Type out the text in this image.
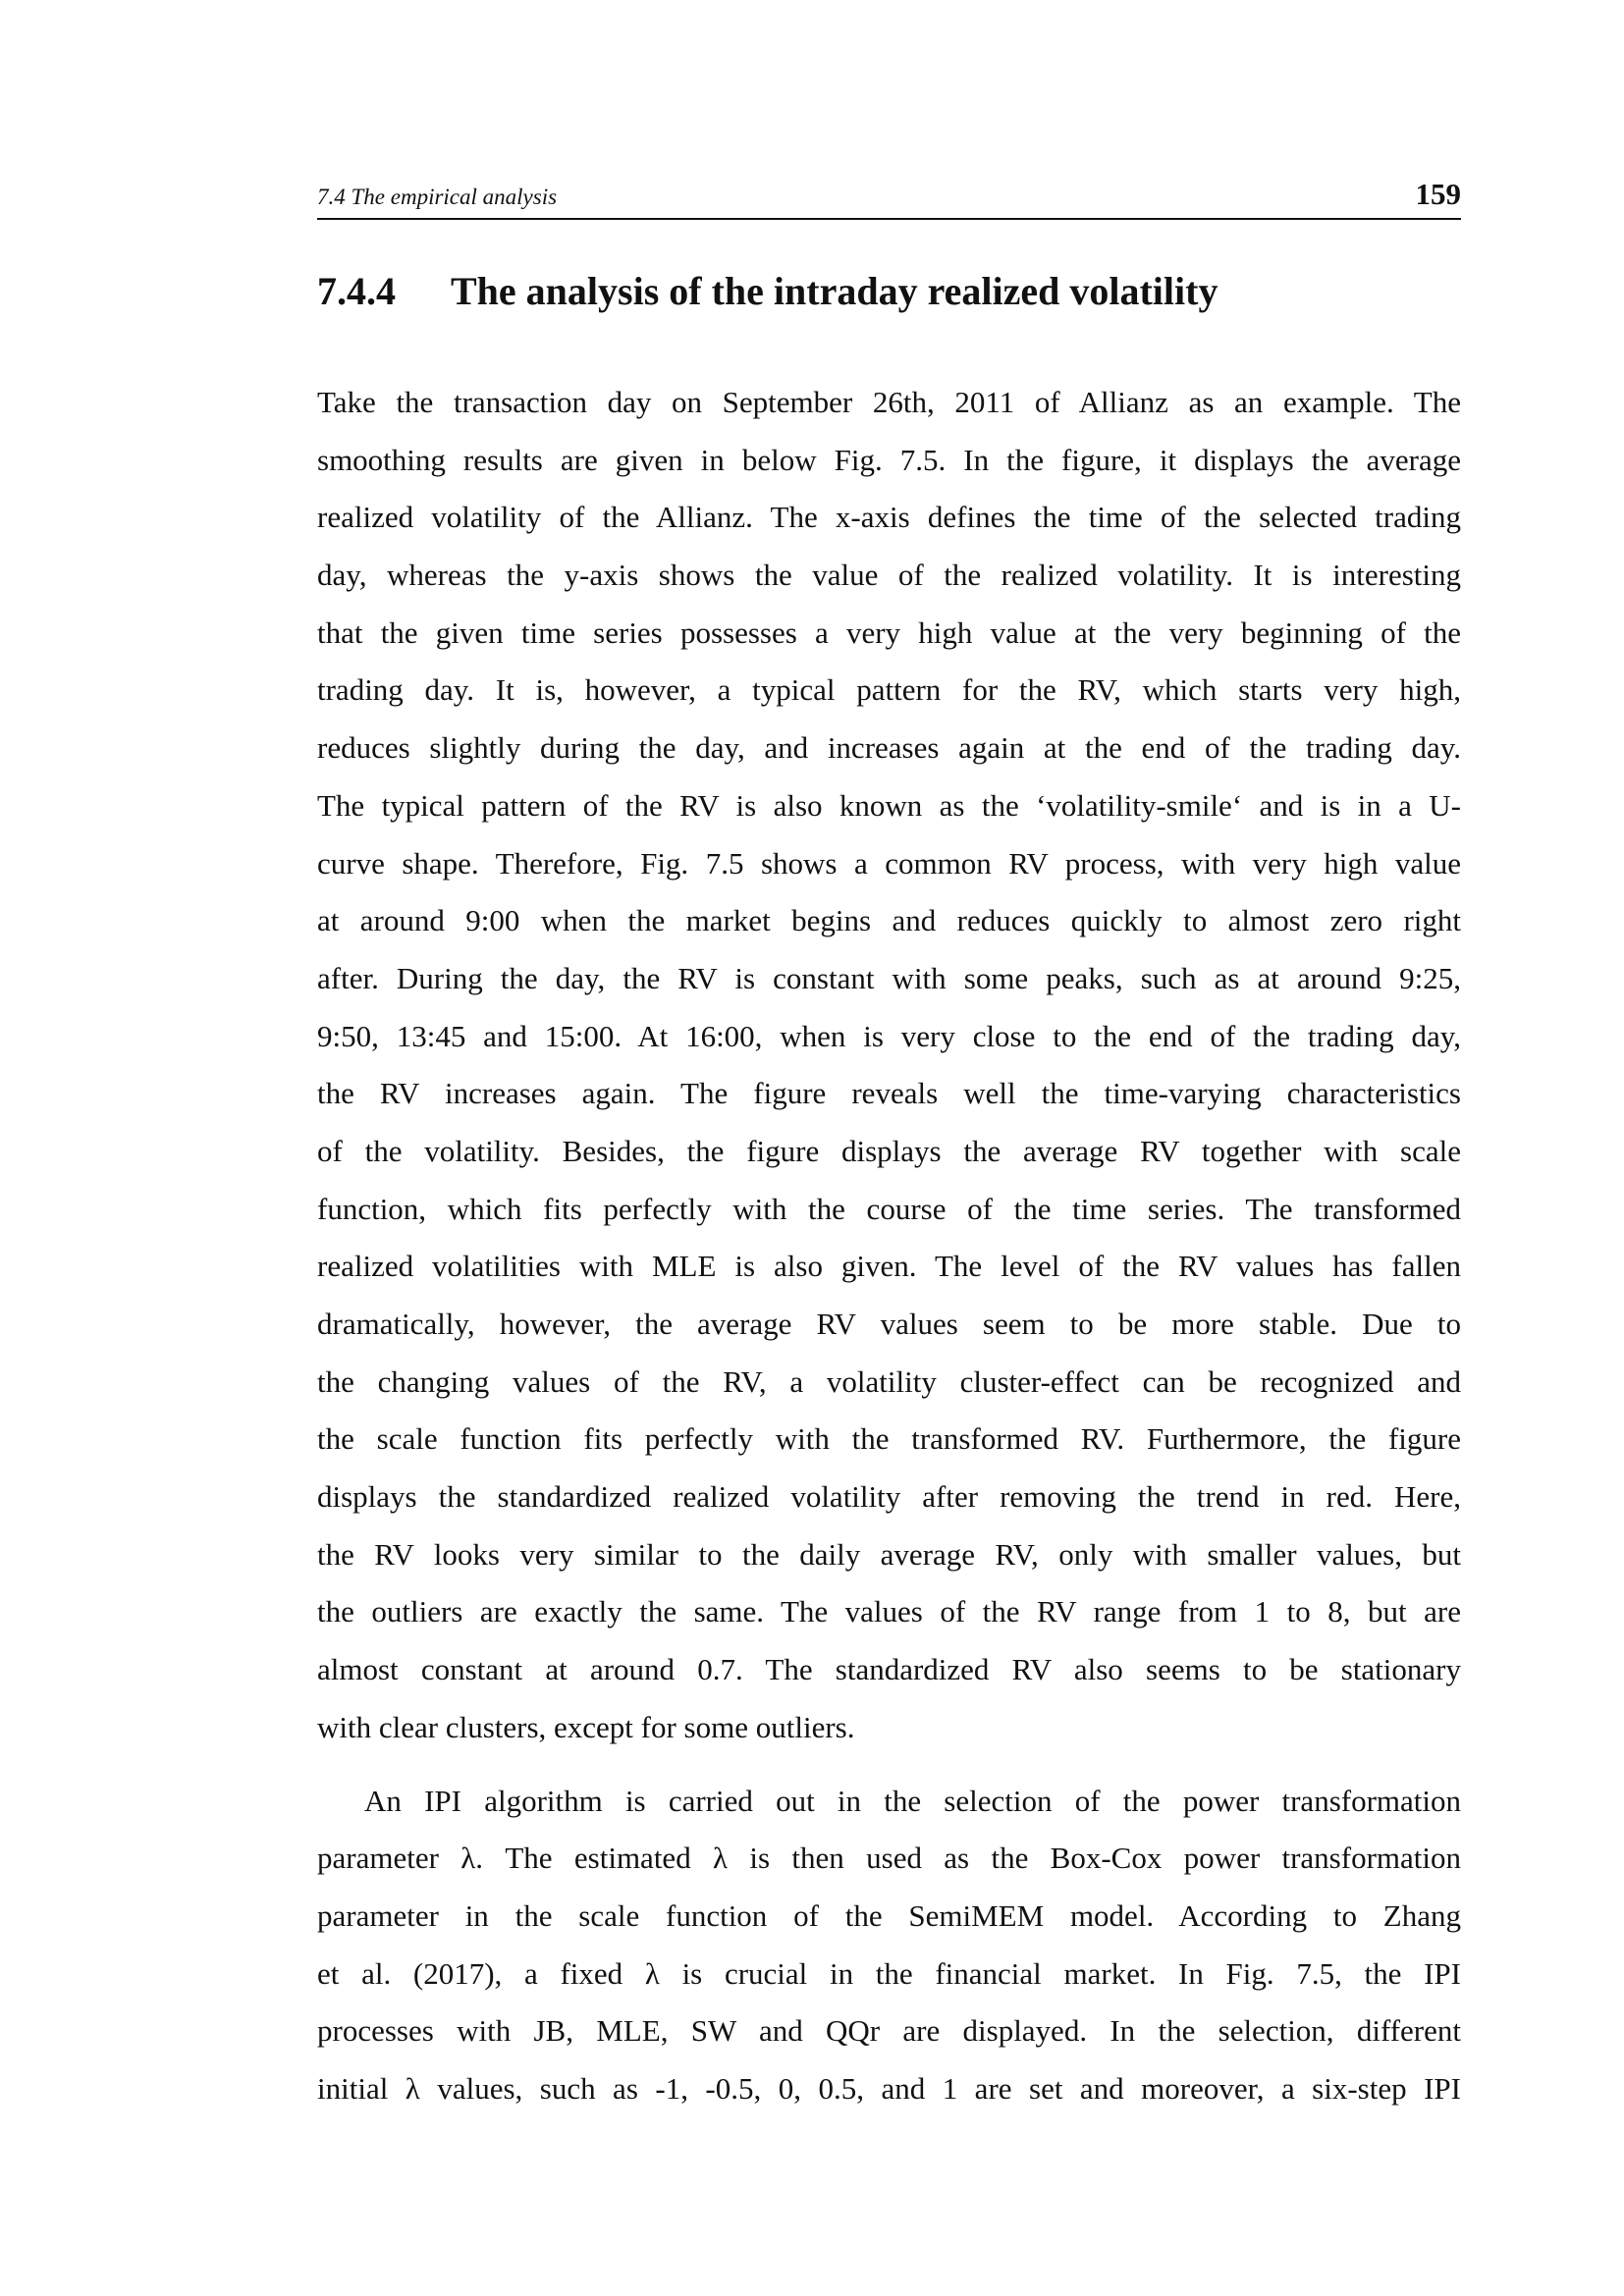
7.4 The empirical analysis	159
7.4.4 The analysis of the intraday realized volatility
Take the transaction day on September 26th, 2011 of Allianz as an example. The
smoothing results are given in below Fig. 7.5. In the figure, it displays the average
realized volatility of the Allianz. The x-axis defines the time of the selected trading
day, whereas the y-axis shows the value of the realized volatility. It is interesting
that the given time series possesses a very high value at the very beginning of the
trading day. It is, however, a typical pattern for the RV, which starts very high,
reduces slightly during the day, and increases again at the end of the trading day.
The typical pattern of the RV is also known as the ‘volatility-smile‘ and is in a U-
curve shape. Therefore, Fig. 7.5 shows a common RV process, with very high value
at around 9:00 when the market begins and reduces quickly to almost zero right
after. During the day, the RV is constant with some peaks, such as at around 9:25,
9:50, 13:45 and 15:00. At 16:00, when is very close to the end of the trading day,
the RV increases again. The figure reveals well the time-varying characteristics
of the volatility. Besides, the figure displays the average RV together with scale
function, which fits perfectly with the course of the time series. The transformed
realized volatilities with MLE is also given. The level of the RV values has fallen
dramatically, however, the average RV values seem to be more stable. Due to
the changing values of the RV, a volatility cluster-effect can be recognized and
the scale function fits perfectly with the transformed RV. Furthermore, the figure
displays the standardized realized volatility after removing the trend in red. Here,
the RV looks very similar to the daily average RV, only with smaller values, but
the outliers are exactly the same. The values of the RV range from 1 to 8, but are
almost constant at around 0.7. The standardized RV also seems to be stationary
with clear clusters, except for some outliers.
An IPI algorithm is carried out in the selection of the power transformation
parameter λ. The estimated λ is then used as the Box-Cox power transformation
parameter in the scale function of the SemiMEM model. According to Zhang
et al. (2017), a fixed λ is crucial in the financial market. In Fig. 7.5, the IPI
processes with JB, MLE, SW and QQr are displayed. In the selection, different
initial λ values, such as -1, -0.5, 0, 0.5, and 1 are set and moreover, a six-step IPI
